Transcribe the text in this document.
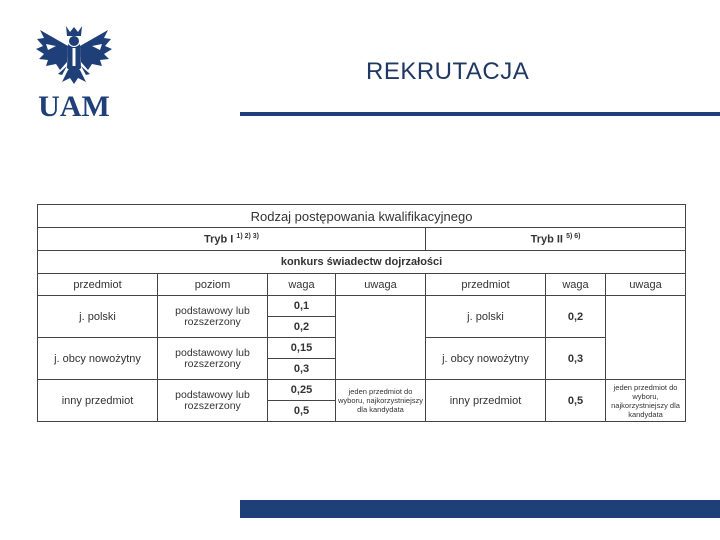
UAM
REKRUTACJA
Rodzaj postępowania kwalifikacyjnego						
Tryb I $^{1) 2) 3)}$				Tryb II $^{5) 6)}$
konkurs świadectw dojrzałości						
przedmiot	poziom	waga	uwaga	przedmiot	waga	uwaga
j. polski	podstawowy lub rozszerzony	0,1		j. polski	0,2	
		0,2				
j. obcy nowożytny	podstawowy lub rozszerzony	0,15		j. obcy nowożytny	0,3	
		0,3				
inny przedmiot	podstawowy lub rozszerzony	0,25	jeden przedmiot do wyboru, najkorzystniejszy dla kandydata	inny przedmiot	0,5	jeden przedmiot do wyboru, najkorzystniejszy dla kandydata
		0,5				
